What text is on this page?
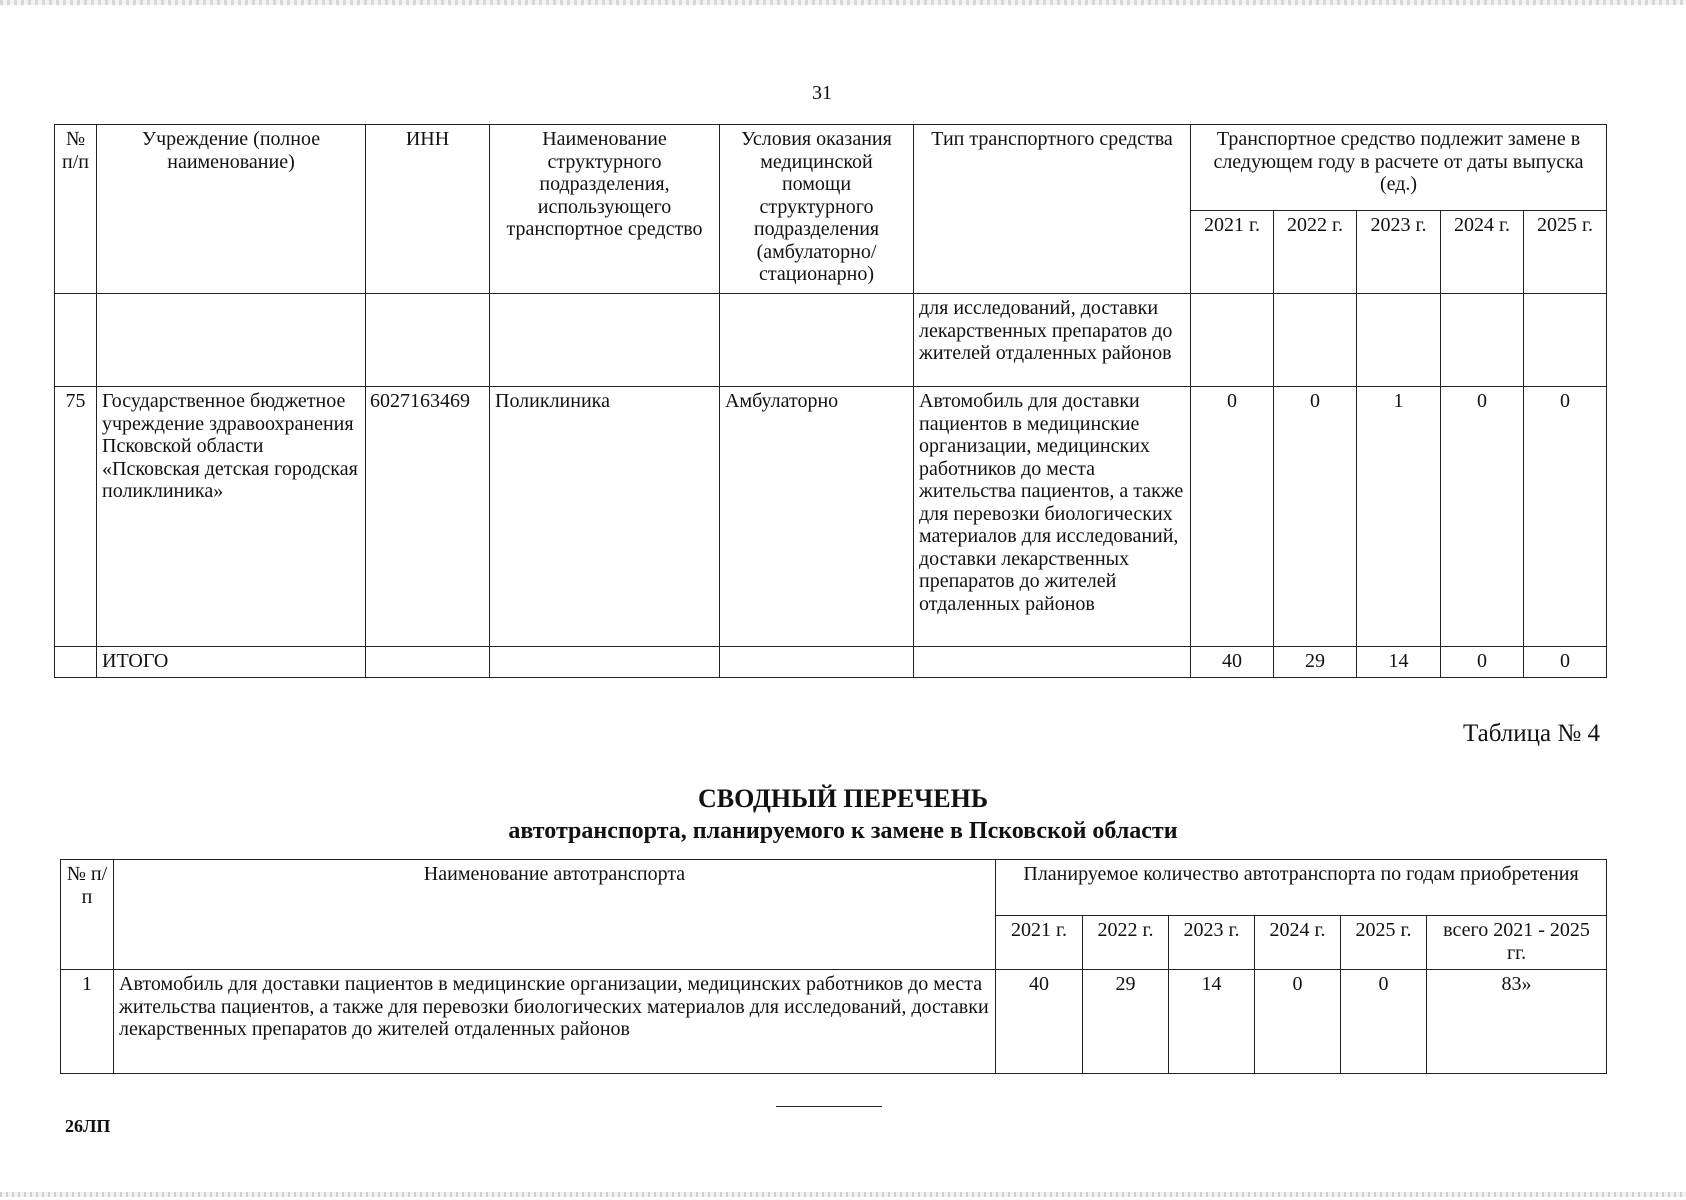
31
№ п/п	Учреждение (полное наименование)	ИНН	Наименование структурного подразделения, использующего транспортное средство	Условия оказания медицинской помощи структурного подразделения (амбулаторно/ стационарно)	Тип транспортного средства	Транспортное средство подлежит замене в следующем году в расчете от даты выпуска (ед.)				
						2021 г.	2022 г.	2023 г.	2024 г.	2025 г.
					для исследований, доставки лекарственных препаратов до жителей отдаленных районов					
75	Государственное бюджетное учреждение здравоохранения Псковской области «Псковская детская городская поликлиника»	6027163469	Поликлиника	Амбулаторно	Автомобиль для доставки пациентов в медицинские организации, медицинских работников до места жительства пациентов, а также для перевозки биологических материалов для исследований, доставки лекарственных препаратов до жителей отдаленных районов	0	0	1	0	0
	ИТОГО					40	29	14	0	0
Таблица № 4
СВОДНЫЙ ПЕРЕЧЕНЬ
автотранспорта, планируемого к замене в Псковской области
№ п/п	Наименование автотранспорта	Планируемое количество автотранспорта по годам приобретения					
		2021 г.	2022 г.	2023 г.	2024 г.	2025 г.	всего 2021 - 2025 гг.
1	Автомобиль для доставки пациентов в медицинские организации, медицинских работников до места жительства пациентов, а также для перевозки биологических материалов для исследований, доставки лекарственных препаратов до жителей отдаленных районов	40	29	14	0	0	83»
26ЛП
